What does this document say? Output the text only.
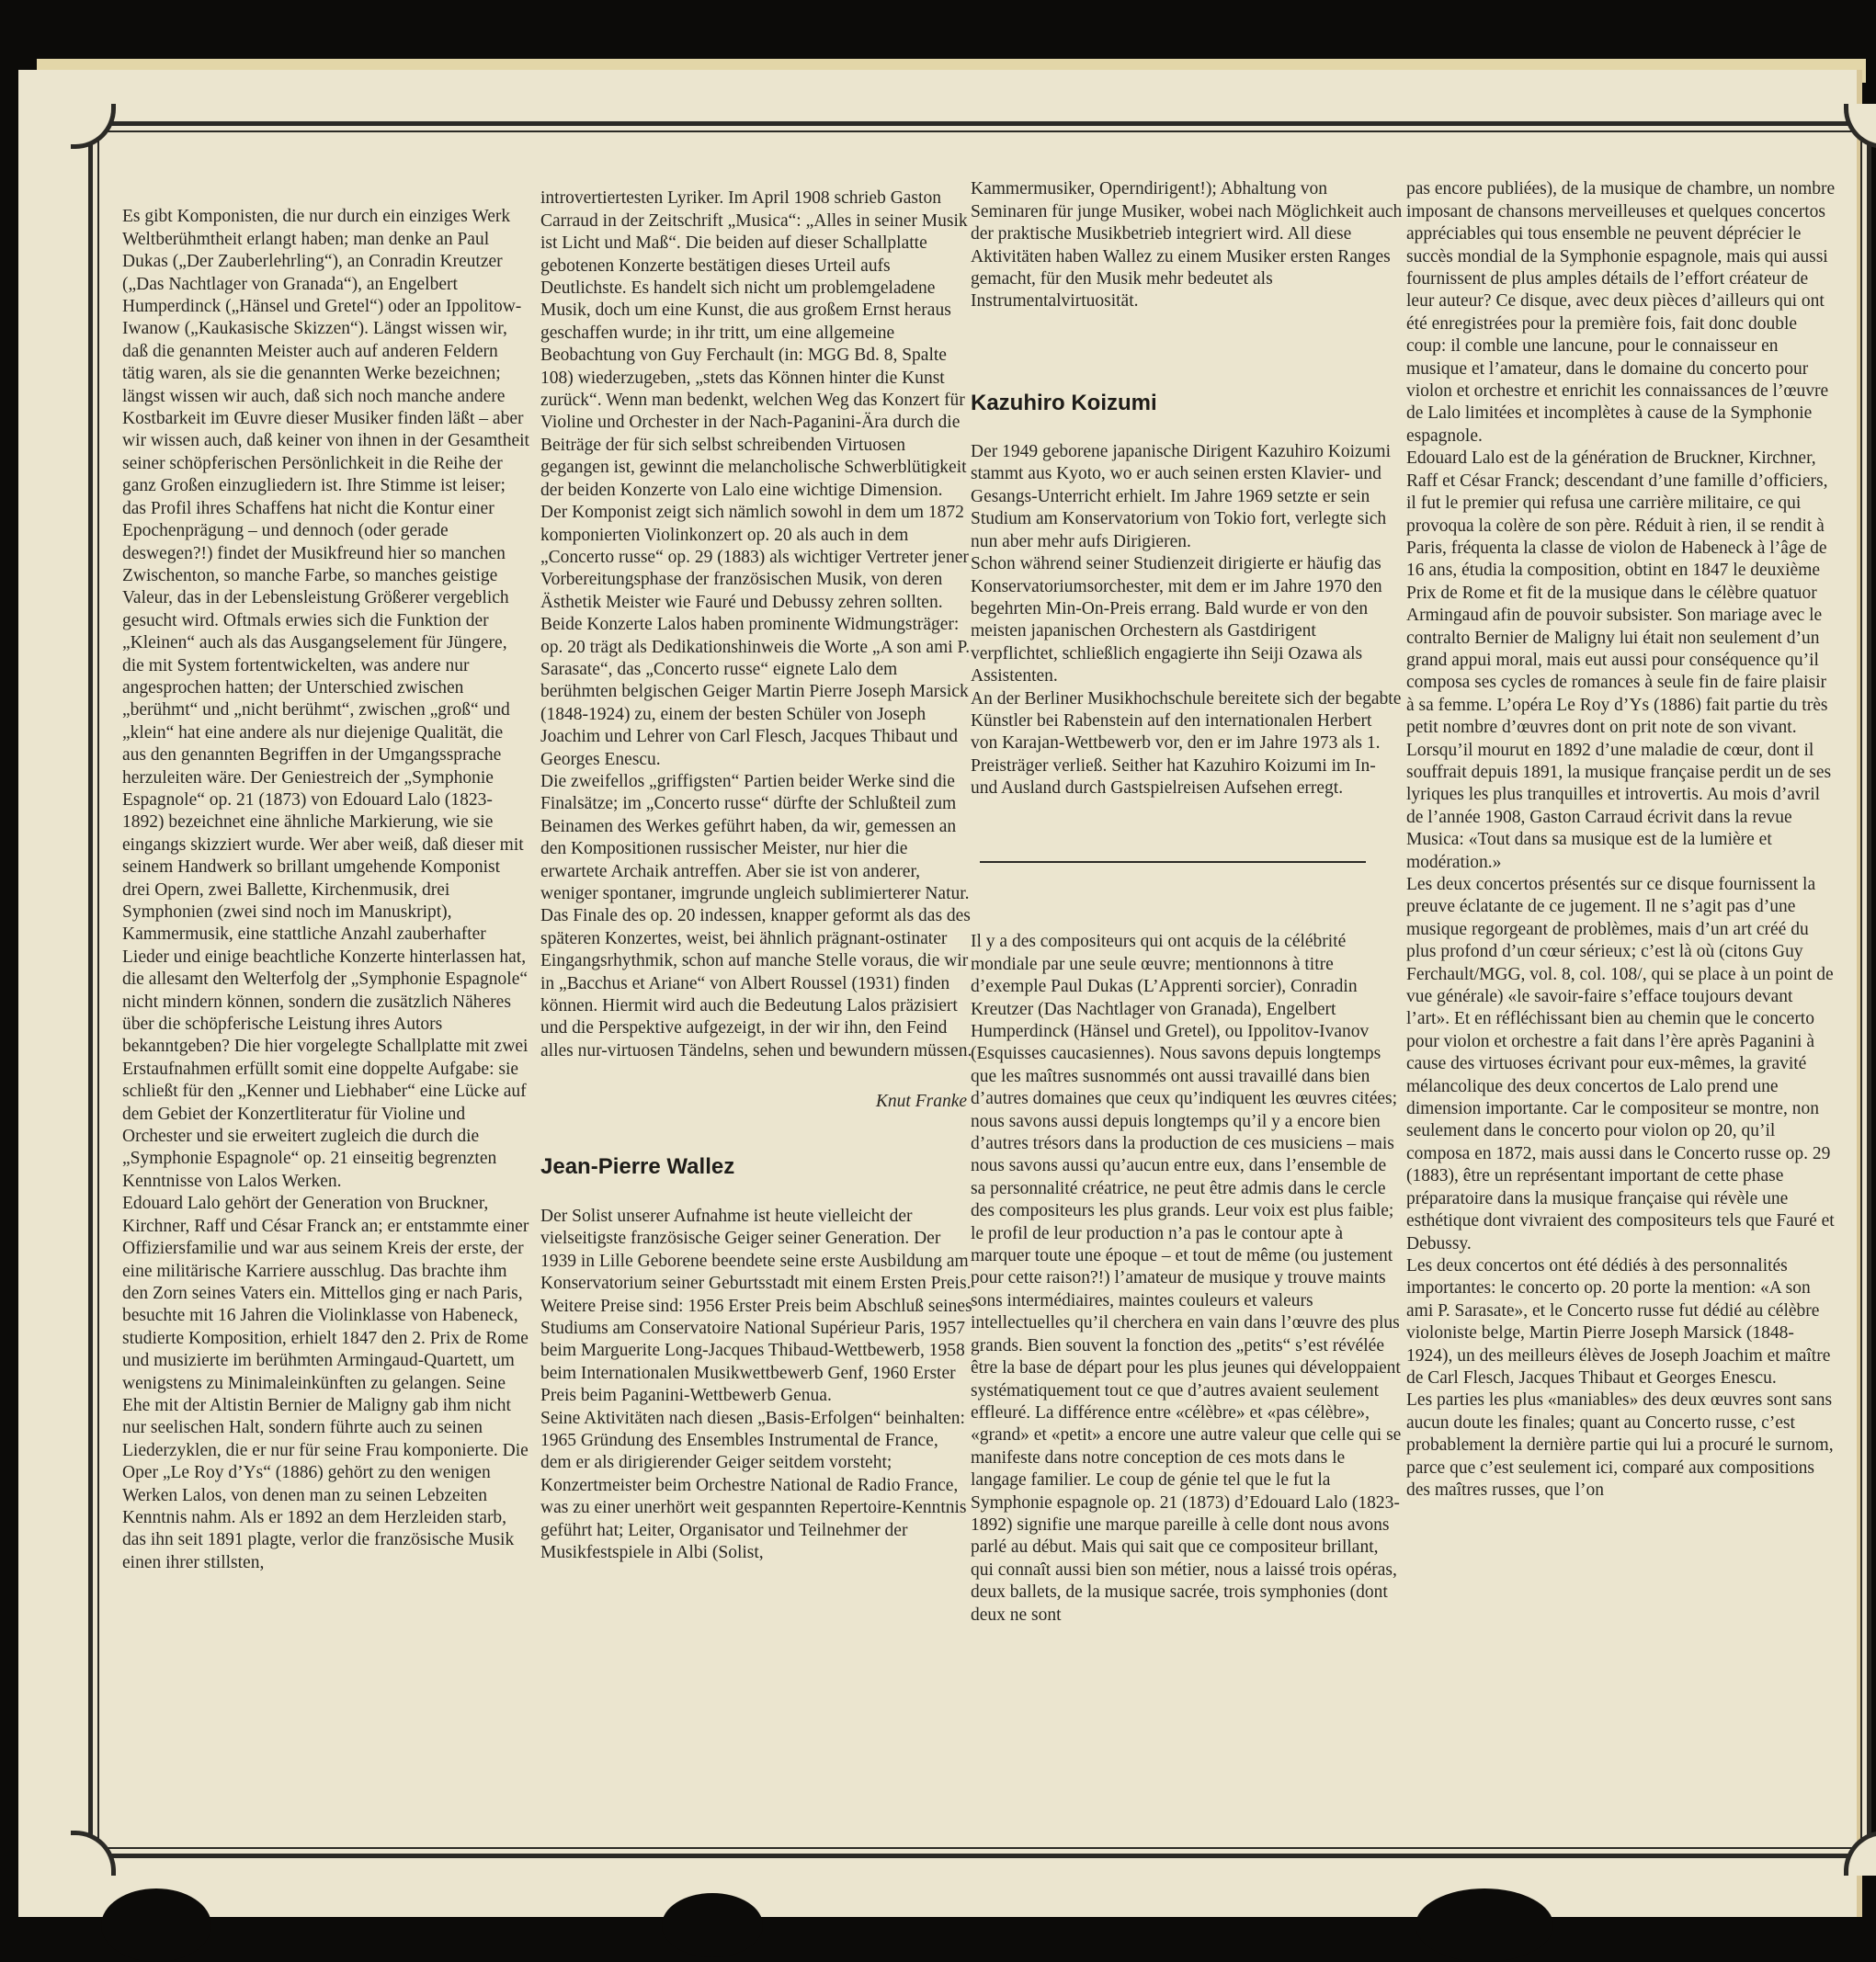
Es gibt Komponisten, die nur durch ein einziges Werk Weltberühmtheit erlangt haben; man denke an Paul Dukas („Der Zauberlehrling“), an Conradin Kreutzer („Das Nachtlager von Granada“), an Engelbert Humperdinck („Hänsel und Gretel“) oder an Ippolitow-Iwanow („Kaukasische Skizzen“). Längst wissen wir, daß die genannten Meister auch auf anderen Feldern tätig waren, als sie die genannten Werke bezeichnen; längst wissen wir auch, daß sich noch manche andere Kostbarkeit im Œuvre dieser Musiker finden läßt – aber wir wissen auch, daß keiner von ihnen in der Gesamtheit seiner schöpferischen Persönlichkeit in die Reihe der ganz Großen einzugliedern ist. Ihre Stimme ist leiser; das Profil ihres Schaffens hat nicht die Kontur einer Epochenprägung – und dennoch (oder gerade deswegen?!) findet der Musikfreund hier so manchen Zwischenton, so manche Farbe, so manches geistige Valeur, das in der Lebensleistung Größerer vergeblich gesucht wird. Oftmals erwies sich die Funktion der „Kleinen“ auch als das Ausgangselement für Jüngere, die mit System fortentwickelten, was andere nur angesprochen hatten; der Unterschied zwischen „berühmt“ und „nicht berühmt“, zwischen „groß“ und „klein“ hat eine andere als nur diejenige Qualität, die aus den genannten Begriffen in der Umgangssprache herzuleiten wäre. Der Geniestreich der „Symphonie Espagnole“ op. 21 (1873) von Edouard Lalo (1823-1892) bezeichnet eine ähnliche Markierung, wie sie eingangs skizziert wurde. Wer aber weiß, daß dieser mit seinem Handwerk so brillant umgehende Komponist drei Opern, zwei Ballette, Kirchenmusik, drei Symphonien (zwei sind noch im Manuskript), Kammermusik, eine stattliche Anzahl zauberhafter Lieder und einige beachtliche Konzerte hinterlassen hat, die allesamt den Welterfolg der „Symphonie Espagnole“ nicht mindern können, sondern die zusätzlich Näheres über die schöpferische Leistung ihres Autors bekanntgeben? Die hier vorgelegte Schallplatte mit zwei Erstaufnahmen erfüllt somit eine doppelte Aufgabe: sie schließt für den „Kenner und Liebhaber“ eine Lücke auf dem Gebiet der Konzertliteratur für Violine und Orchester und sie erweitert zugleich die durch die „Symphonie Espagnole“ op. 21 einseitig begrenzten Kenntnisse von Lalos Werken.
Edouard Lalo gehört der Generation von Bruckner, Kirchner, Raff und César Franck an; er entstammte einer Offiziersfamilie und war aus seinem Kreis der erste, der eine militärische Karriere ausschlug. Das brachte ihm den Zorn seines Vaters ein. Mittellos ging er nach Paris, besuchte mit 16 Jahren die Violinklasse von Habeneck, studierte Komposition, erhielt 1847 den 2. Prix de Rome und musizierte im berühmten Armingaud-Quartett, um wenigstens zu Minimaleinkünften zu gelangen. Seine Ehe mit der Altistin Bernier de Maligny gab ihm nicht nur seelischen Halt, sondern führte auch zu seinen Liederzyklen, die er nur für seine Frau komponierte. Die Oper „Le Roy d’Ys“ (1886) gehört zu den wenigen Werken Lalos, von denen man zu seinen Lebzeiten Kenntnis nahm. Als er 1892 an dem Herzleiden starb, das ihn seit 1891 plagte, verlor die französische Musik einen ihrer stillsten,

introvertiertesten Lyriker. Im April 1908 schrieb Gaston Carraud in der Zeitschrift „Musica“: „Alles in seiner Musik ist Licht und Maß“. Die beiden auf dieser Schallplatte gebotenen Konzerte bestätigen dieses Urteil aufs Deutlichste. Es handelt sich nicht um problemgeladene Musik, doch um eine Kunst, die aus großem Ernst heraus geschaffen wurde; in ihr tritt, um eine allgemeine Beobachtung von Guy Ferchault (in: MGG Bd. 8, Spalte 108) wiederzugeben, „stets das Können hinter die Kunst zurück“. Wenn man bedenkt, welchen Weg das Konzert für Violine und Orchester in der Nach-Paganini-Ära durch die Beiträge der für sich selbst schreibenden Virtuosen gegangen ist, gewinnt die melancholische Schwerblütigkeit der beiden Konzerte von Lalo eine wichtige Dimension. Der Komponist zeigt sich nämlich sowohl in dem um 1872 komponierten Violinkonzert op. 20 als auch in dem „Concerto russe“ op. 29 (1883) als wichtiger Vertreter jener Vorbereitungsphase der französischen Musik, von deren Ästhetik Meister wie Fauré und Debussy zehren sollten. Beide Konzerte Lalos haben prominente Widmungsträger: op. 20 trägt als Dedikationshinweis die Worte „A son ami P. Sarasate“, das „Concerto russe“ eignete Lalo dem berühmten belgischen Geiger Martin Pierre Joseph Marsick (1848-1924) zu, einem der besten Schüler von Joseph Joachim und Lehrer von Carl Flesch, Jacques Thibaut und Georges Enescu.
Die zweifellos „griffigsten“ Partien beider Werke sind die Finalsätze; im „Concerto russe“ dürfte der Schlußteil zum Beinamen des Werkes geführt haben, da wir, gemessen an den Kompositionen russischer Meister, nur hier die erwartete Archaik antreffen. Aber sie ist von anderer, weniger spontaner, imgrunde ungleich sublimierterer Natur. Das Finale des op. 20 indessen, knapper geformt als das des späteren Konzertes, weist, bei ähnlich prägnant-ostinater Eingangsrhythmik, schon auf manche Stelle voraus, die wir in „Bacchus et Ariane“ von Albert Roussel (1931) finden können. Hiermit wird auch die Bedeutung Lalos präzisiert und die Perspektive aufgezeigt, in der wir ihn, den Feind alles nur-virtuosen Tändelns, sehen und bewundern müssen.

Knut Franke

Jean-Pierre Wallez

Der Solist unserer Aufnahme ist heute vielleicht der vielseitigste französische Geiger seiner Generation. Der 1939 in Lille Geborene beendete seine erste Ausbildung am Konservatorium seiner Geburtsstadt mit einem Ersten Preis. Weitere Preise sind: 1956 Erster Preis beim Abschluß seines Studiums am Conservatoire National Supérieur Paris, 1957 beim Marguerite Long-Jacques Thibaud-Wettbewerb, 1958 beim Internationalen Musikwettbewerb Genf, 1960 Erster Preis beim Paganini-Wettbewerb Genua.
Seine Aktivitäten nach diesen „Basis-Erfolgen“ beinhalten: 1965 Gründung des Ensembles Instrumental de France, dem er als dirigierender Geiger seitdem vorsteht; Konzertmeister beim Orchestre National de Radio France, was zu einer unerhört weit gespannten Repertoire-Kenntnis geführt hat; Leiter, Organisator und Teilnehmer der Musikfestspiele in Albi (Solist,

Kammermusiker, Operndirigent!); Abhaltung von Seminaren für junge Musiker, wobei nach Möglichkeit auch der praktische Musikbetrieb integriert wird. All diese Aktivitäten haben Wallez zu einem Musiker ersten Ranges gemacht, für den Musik mehr bedeutet als Instrumentalvirtuosität.

Kazuhiro Koizumi

Der 1949 geborene japanische Dirigent Kazuhiro Koizumi stammt aus Kyoto, wo er auch seinen ersten Klavier- und Gesangs-Unterricht erhielt. Im Jahre 1969 setzte er sein Studium am Konservatorium von Tokio fort, verlegte sich nun aber mehr aufs Dirigieren.
Schon während seiner Studienzeit dirigierte er häufig das Konservatoriumsorchester, mit dem er im Jahre 1970 den begehrten Min-On-Preis errang. Bald wurde er von den meisten japanischen Orchestern als Gastdirigent verpflichtet, schließlich engagierte ihn Seiji Ozawa als Assistenten.
An der Berliner Musikhochschule bereitete sich der begabte Künstler bei Rabenstein auf den internationalen Herbert von Karajan-Wettbewerb vor, den er im Jahre 1973 als 1. Preisträger verließ. Seither hat Kazuhiro Koizumi im In- und Ausland durch Gastspielreisen Aufsehen erregt.

Il y a des compositeurs qui ont acquis de la célébrité mondiale par une seule œuvre; mentionnons à titre d’exemple Paul Dukas (L’Apprenti sorcier), Conradin Kreutzer (Das Nachtlager von Granada), Engelbert Humperdinck (Hänsel und Gretel), ou Ippolitov-Ivanov (Esquisses caucasiennes). Nous savons depuis longtemps que les maîtres susnommés ont aussi travaillé dans bien d’autres domaines que ceux qu’indiquent les œuvres citées; nous savons aussi depuis longtemps qu’il y a encore bien d’autres trésors dans la production de ces musiciens – mais nous savons aussi qu’aucun entre eux, dans l’ensemble de sa personnalité créatrice, ne peut être admis dans le cercle des compositeurs les plus grands. Leur voix est plus faible; le profil de leur production n’a pas le contour apte à marquer toute une époque – et tout de même (ou justement pour cette raison?!) l’amateur de musique y trouve maints sons intermédiaires, maintes couleurs et valeurs intellectuelles qu’il cherchera en vain dans l’œuvre des plus grands. Bien souvent la fonction des „petits“ s’est révélée être la base de départ pour les plus jeunes qui développaient systématiquement tout ce que d’autres avaient seulement effleuré. La différence entre «célèbre» et «pas célèbre», «grand» et «petit» a encore une autre valeur que celle qui se manifeste dans notre conception de ces mots dans le langage familier. Le coup de génie tel que le fut la Symphonie espagnole op. 21 (1873) d’Edouard Lalo (1823-1892) signifie une marque pareille à celle dont nous avons parlé au début. Mais qui sait que ce compositeur brillant, qui connaît aussi bien son métier, nous a laissé trois opéras, deux ballets, de la musique sacrée, trois symphonies (dont deux ne sont

pas encore publiées), de la musique de chambre, un nombre imposant de chansons merveilleuses et quelques concertos appréciables qui tous ensemble ne peuvent déprécier le succès mondial de la Symphonie espagnole, mais qui aussi fournissent de plus amples détails de l’effort créateur de leur auteur? Ce disque, avec deux pièces d’ailleurs qui ont été enregistrées pour la première fois, fait donc double coup: il comble une lancune, pour le connaisseur en musique et l’amateur, dans le domaine du concerto pour violon et orchestre et enrichit les connaissances de l’œuvre de Lalo limitées et incomplètes à cause de la Symphonie espagnole.
Edouard Lalo est de la génération de Bruckner, Kirchner, Raff et César Franck; descendant d’une famille d’officiers, il fut le premier qui refusa une carrière militaire, ce qui provoqua la colère de son père. Réduit à rien, il se rendit à Paris, fréquenta la classe de violon de Habeneck à l’âge de 16 ans, étudia la composition, obtint en 1847 le deuxième Prix de Rome et fit de la musique dans le célèbre quatuor Armingaud afin de pouvoir subsister. Son mariage avec le contralto Bernier de Maligny lui était non seulement d’un grand appui moral, mais eut aussi pour conséquence qu’il composa ses cycles de romances à seule fin de faire plaisir à sa femme. L’opéra Le Roy d’Ys (1886) fait partie du très petit nombre d’œuvres dont on prit note de son vivant. Lorsqu’il mourut en 1892 d’une maladie de cœur, dont il souffrait depuis 1891, la musique française perdit un de ses lyriques les plus tranquilles et introvertis. Au mois d’avril de l’année 1908, Gaston Carraud écrivit dans la revue Musica: «Tout dans sa musique est de la lumière et modération.»
Les deux concertos présentés sur ce disque fournissent la preuve éclatante de ce jugement. Il ne s’agit pas d’une musique regorgeant de problèmes, mais d’un art créé du plus profond d’un cœur sérieux; c’est là où (citons Guy Ferchault/MGG, vol. 8, col. 108/, qui se place à un point de vue générale) «le savoir-faire s’efface toujours devant l’art». Et en réfléchissant bien au chemin que le concerto pour violon et orchestre a fait dans l’ère après Paganini à cause des virtuoses écrivant pour eux-mêmes, la gravité mélancolique des deux concertos de Lalo prend une dimension importante. Car le compositeur se montre, non seulement dans le concerto pour violon op 20, qu’il composa en 1872, mais aussi dans le Concerto russe op. 29 (1883), être un représentant important de cette phase préparatoire dans la musique française qui révèle une esthétique dont vivraient des compositeurs tels que Fauré et Debussy.
Les deux concertos ont été dédiés à des personnalités importantes: le concerto op. 20 porte la mention: «A son ami P. Sarasate», et le Concerto russe fut dédié au célèbre violoniste belge, Martin Pierre Joseph Marsick (1848-1924), un des meilleurs élèves de Joseph Joachim et maître de Carl Flesch, Jacques Thibaut et Georges Enescu.
Les parties les plus «maniables» des deux œuvres sont sans aucun doute les finales; quant au Concerto russe, c’est probablement la dernière partie qui lui a procuré le surnom, parce que c’est seulement ici, comparé aux compositions des maîtres russes, que l’on
